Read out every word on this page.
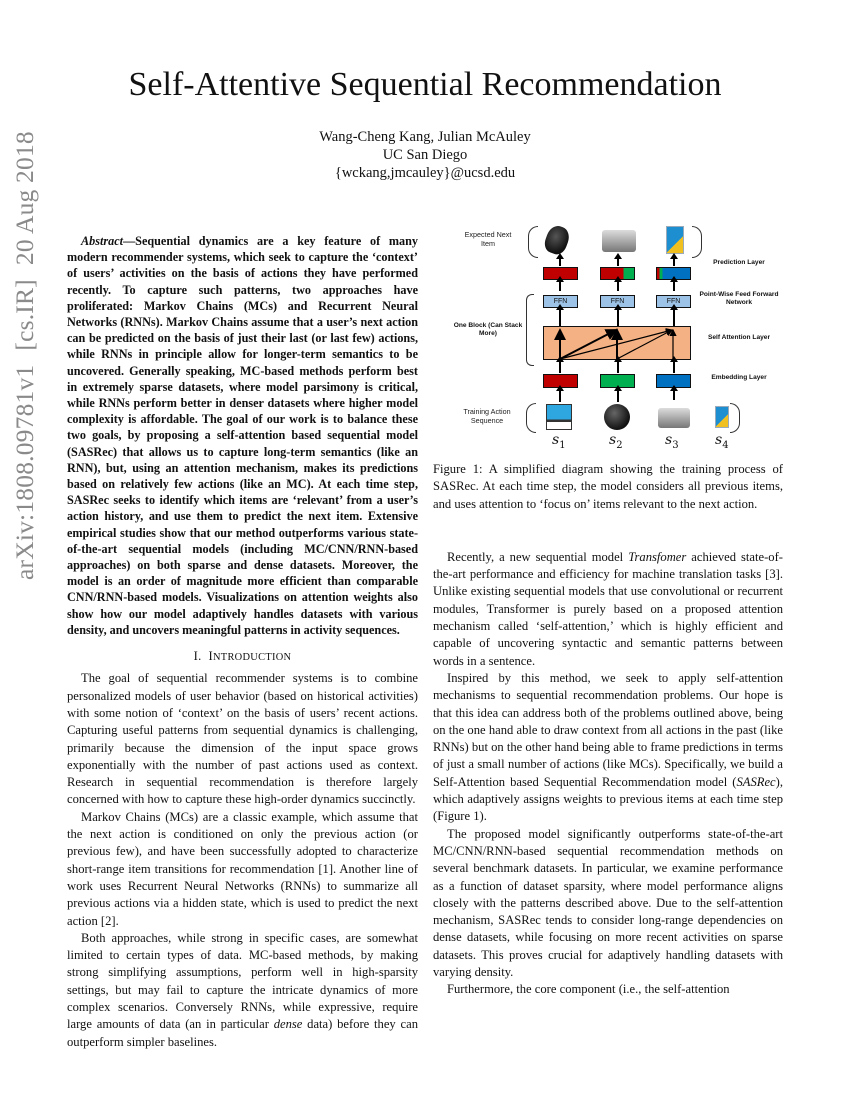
arXiv:1808.09781v1[cs.IR]20 Aug 2018
Self-Attentive Sequential Recommendation
Wang-Cheng Kang, Julian McAuley
UC San Diego
{wckang,jmcauley}@ucsd.edu

Abstract—Sequential dynamics are a key feature of many modern recommender systems, which seek to capture the ‘context’ of users’ activities on the basis of actions they have performed recently. To capture such patterns, two approaches have proliferated: Markov Chains (MCs) and Recurrent Neural Networks (RNNs). Markov Chains assume that a user’s next action can be predicted on the basis of just their last (or last few) actions, while RNNs in principle allow for longer-term semantics to be uncovered. Generally speaking, MC-based methods perform best in extremely sparse datasets, where model parsimony is critical, while RNNs perform better in denser datasets where higher model complexity is affordable. The goal of our work is to balance these two goals, by proposing a self-attention based sequential model (SASRec) that allows us to capture long-term semantics (like an RNN), but, using an attention mechanism, makes its predictions based on relatively few actions (like an MC). At each time step, SASRec seeks to identify which items are ‘relevant’ from a user’s action history, and use them to predict the next item. Extensive empirical studies show that our method outperforms various state-of-the-art sequential models (including MC/CNN/RNN-based approaches) on both sparse and dense datasets. Moreover, the model is an order of magnitude more efficient than comparable CNN/RNN-based models. Visualizations on attention weights also show how our model adaptively handles datasets with various density, and uncovers meaningful patterns in activity sequences.

I. INTRODUCTION

The goal of sequential recommender systems is to combine personalized models of user behavior (based on historical activities) with some notion of ‘context’ on the basis of users’ recent actions. Capturing useful patterns from sequential dynamics is challenging, primarily because the dimension of the input space grows exponentially with the number of past actions used as context. Research in sequential recommendation is therefore largely concerned with how to capture these high-order dynamics succinctly.

Markov Chains (MCs) are a classic example, which assume that the next action is conditioned on only the previous action (or previous few), and have been successfully adopted to characterize short-range item transitions for recommendation [1]. Another line of work uses Recurrent Neural Networks (RNNs) to summarize all previous actions via a hidden state, which is used to predict the next action [2].

Both approaches, while strong in specific cases, are somewhat limited to certain types of data. MC-based methods, by making strong simplifying assumptions, perform well in high-sparsity settings, but may fail to capture the intricate dynamics of more complex scenarios. Conversely RNNs, while expressive, require large amounts of data (an in particular dense data) before they can outperform simpler baselines.

Expected Next Item
One Block (Can Stack More)
Training Action Sequence
Prediction Layer
FFN	FFN	FFN
Point-Wise Feed Forward Network
Self Attention Layer
Embedding Layer
$s_1$	$s_2$	$s_3$	$s_4$

Figure 1: A simplified diagram showing the training process of SASRec. At each time step, the model considers all previous items, and uses attention to ‘focus on’ items relevant to the next action.

Recently, a new sequential model Transfomer achieved state-of-the-art performance and efficiency for machine translation tasks [3]. Unlike existing sequential models that use convolutional or recurrent modules, Transformer is purely based on a proposed attention mechanism called ‘self-attention,’ which is highly efficient and capable of uncovering syntactic and semantic patterns between words in a sentence.

Inspired by this method, we seek to apply self-attention mechanisms to sequential recommendation problems. Our hope is that this idea can address both of the problems outlined above, being on the one hand able to draw context from all actions in the past (like RNNs) but on the other hand being able to frame predictions in terms of just a small number of actions (like MCs). Specifically, we build a Self-Attention based Sequential Recommendation model (SASRec), which adaptively assigns weights to previous items at each time step (Figure 1).

The proposed model significantly outperforms state-of-the-art MC/CNN/RNN-based sequential recommendation methods on several benchmark datasets. In particular, we examine performance as a function of dataset sparsity, where model performance aligns closely with the patterns described above. Due to the self-attention mechanism, SASRec tends to consider long-range dependencies on dense datasets, while focusing on more recent activities on sparse datasets. This proves crucial for adaptively handling datasets with varying density.

Furthermore, the core component (i.e., the self-attention
